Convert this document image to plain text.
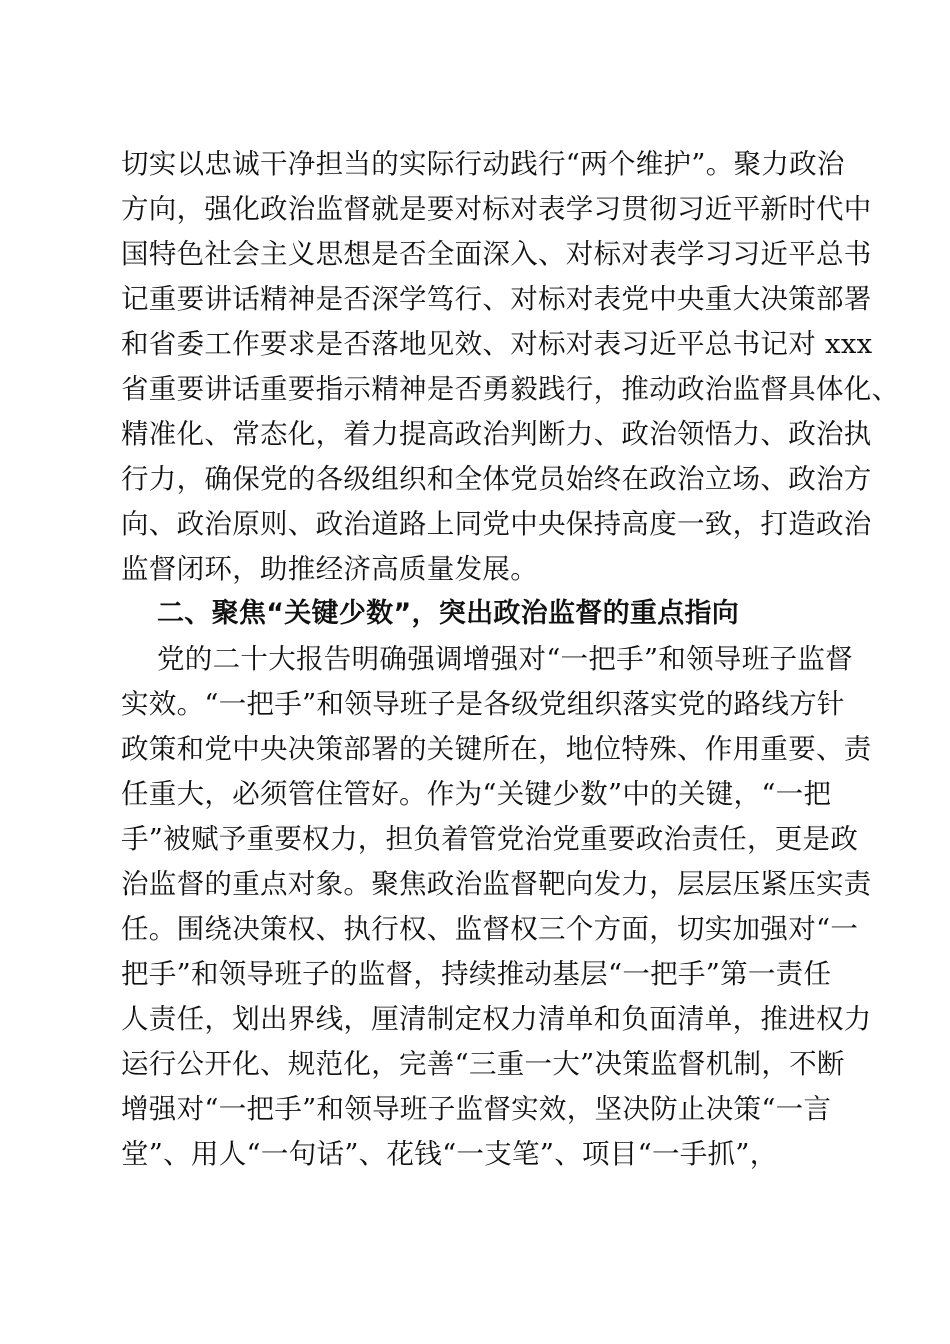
切实以忠诚干净担当的实际行动践行“两个维护”。聚力政治
方向，强化政治监督就是要对标对表学习贯彻习近平新时代中
国特色社会主义思想是否全面深入、对标对表学习习近平总书
记重要讲话精神是否深学笃行、对标对表党中央重大决策部署
和省委工作要求是否落地见效、对标对表习近平总书记对 xxx
省重要讲话重要指示精神是否勇毅践行，推动政治监督具体化、
精准化、常态化，着力提高政治判断力、政治领悟力、政治执
行力，确保党的各级组织和全体党员始终在政治立场、政治方
向、政治原则、政治道路上同党中央保持高度一致，打造政治
监督闭环，助推经济高质量发展。
二、聚焦“关键少数”，突出政治监督的重点指向
党的二十大报告明确强调增强对“一把手”和领导班子监督
实效。“一把手”和领导班子是各级党组织落实党的路线方针
政策和党中央决策部署的关键所在，地位特殊、作用重要、责
任重大，必须管住管好。作为“关键少数”中的关键，“一把
手”被赋予重要权力，担负着管党治党重要政治责任，更是政
治监督的重点对象。聚焦政治监督靶向发力，层层压紧压实责
任。围绕决策权、执行权、监督权三个方面，切实加强对“一
把手”和领导班子的监督，持续推动基层“一把手”第一责任
人责任，划出界线，厘清制定权力清单和负面清单，推进权力
运行公开化、规范化，完善“三重一大”决策监督机制，不断
增强对“一把手”和领导班子监督实效，坚决防止决策“一言
堂”、用人“一句话”、花钱“一支笔”、项目“一手抓”，
